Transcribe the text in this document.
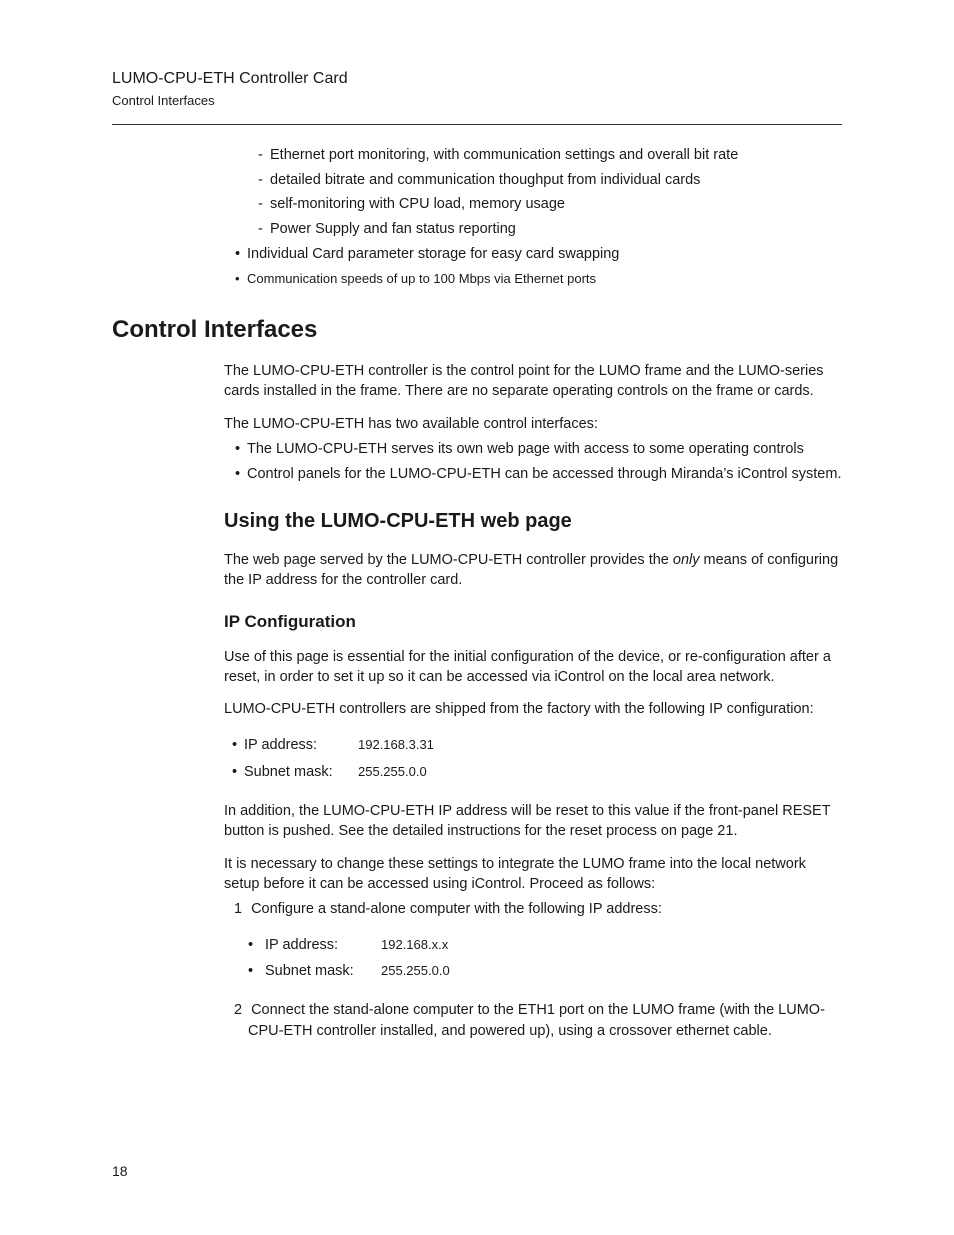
LUMO-CPU-ETH Controller Card
Control Interfaces
- Ethernet port monitoring, with communication settings and overall bit rate
- detailed bitrate and communication thoughput from individual cards
- self-monitoring with CPU load, memory usage
- Power Supply and fan status reporting
• Individual Card parameter storage for easy card swapping
• Communication speeds of up to 100 Mbps via Ethernet ports
Control Interfaces
The LUMO-CPU-ETH controller is the control point for the LUMO frame and the LUMO-series
cards installed in the frame. There are no separate operating controls on the frame or cards.
The LUMO-CPU-ETH has two available control interfaces:
• The LUMO-CPU-ETH serves its own web page with access to some operating controls
• Control panels for the LUMO-CPU-ETH can be accessed through Miranda’s iControl system.
Using the LUMO-CPU-ETH web page
The web page served by the LUMO-CPU-ETH controller provides the only means of configuring
the IP address for the controller card.
IP Configuration
Use of this page is essential for the initial configuration of the device, or re-configuration after a
reset, in order to set it up so it can be accessed via iControl on the local area network.
LUMO-CPU-ETH controllers are shipped from the factory with the following IP configuration:
• IP address:	192.168.3.31
• Subnet mask: 255.255.0.0
In addition, the LUMO-CPU-ETH IP address will be reset to this value if the front-panel RESET
button is pushed. See the detailed instructions for the reset process on page 21.
It is necessary to change these settings to integrate the LUMO frame into the local network
setup before it can be accessed using iControl. Proceed as follows:
1 Configure a stand-alone computer with the following IP address:
• IP address:	192.168.x.x
• Subnet mask: 255.255.0.0
2 Connect the stand-alone computer to the ETH1 port on the LUMO frame (with the LUMO-
CPU-ETH controller installed, and powered up), using a crossover ethernet cable.
18
